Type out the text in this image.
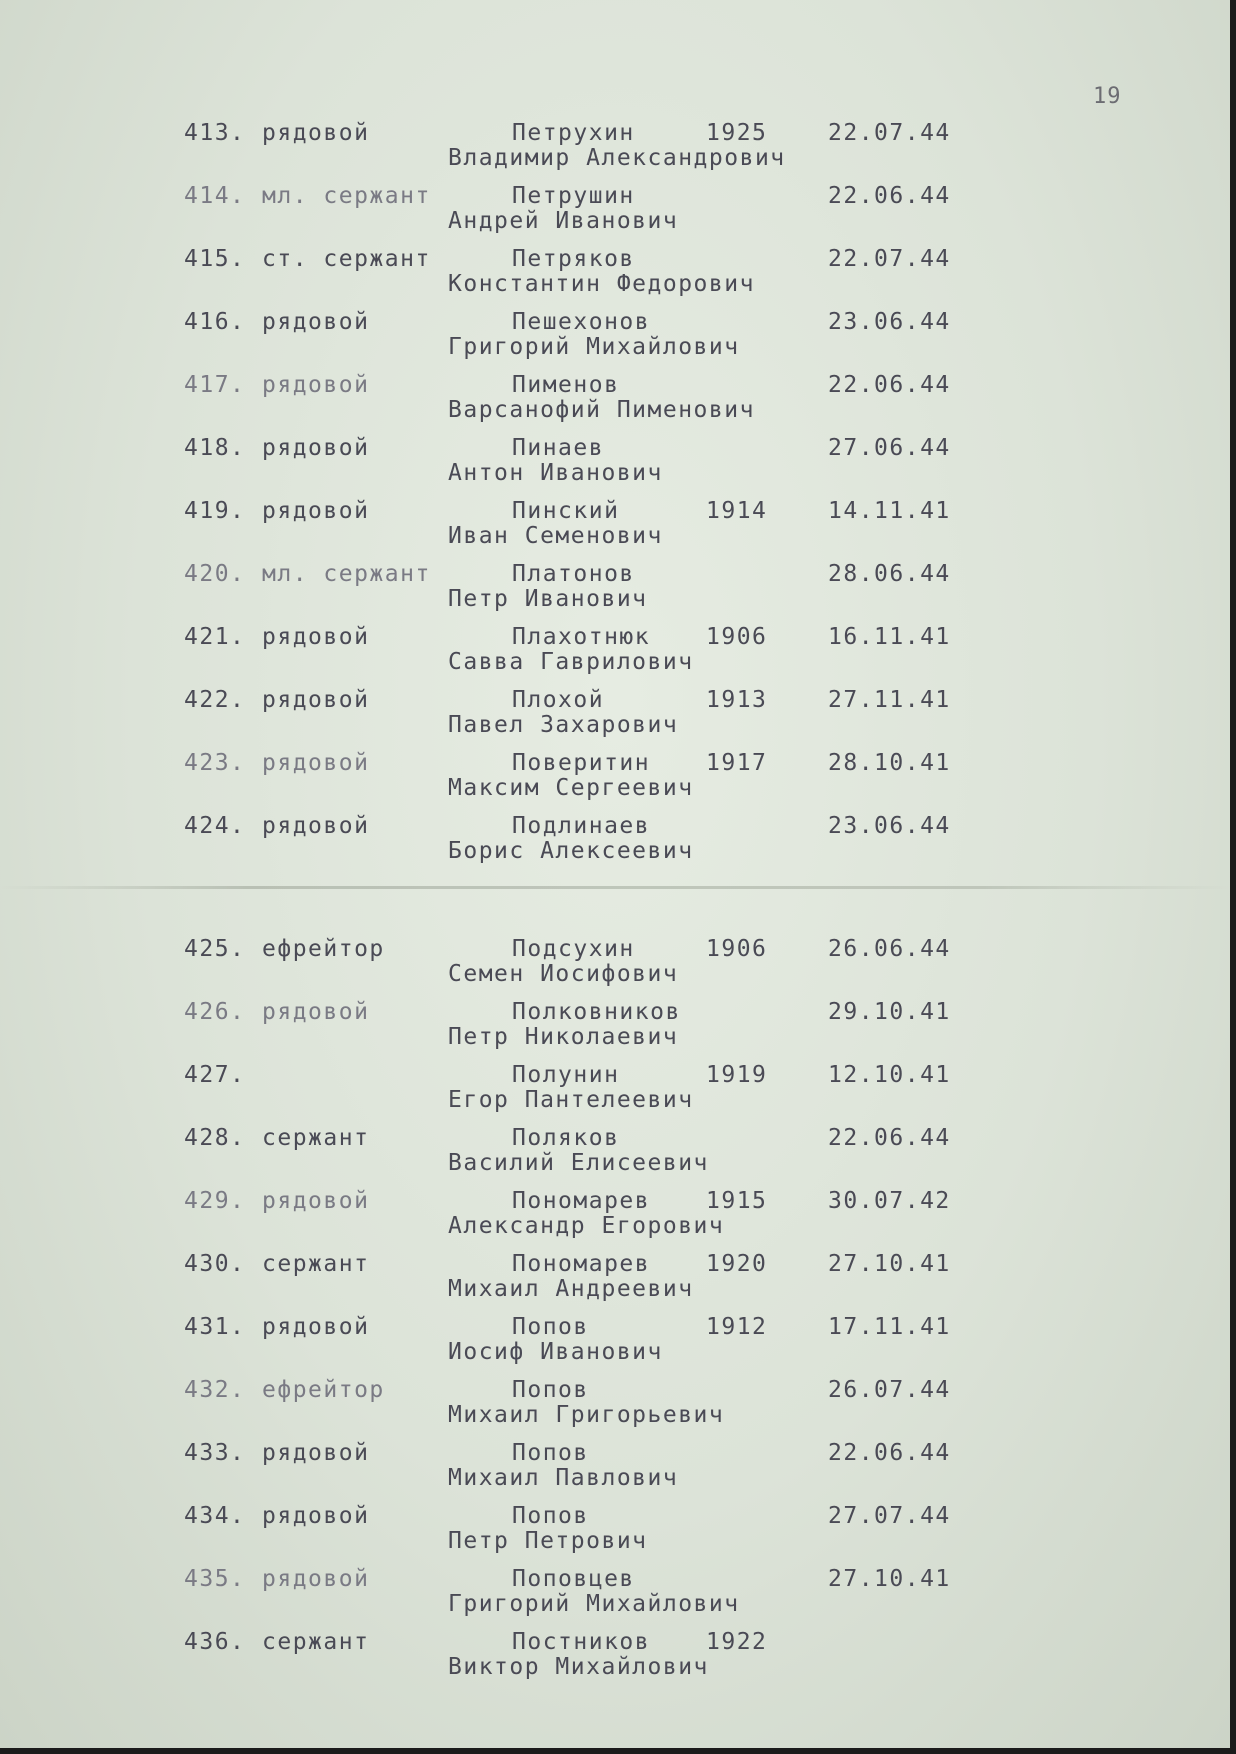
19
413. рядовой	Петрухин	1925	22.07.44
Владимир Александрович
414. мл. сержант	Петрушин	22.06.44
Андрей Иванович
415. ст. сержант	Петряков	22.07.44
Константин Федорович
416. рядовой	Пешехонов	23.06.44
Григорий Михайлович
417. рядовой	Пименов	22.06.44
Варсанофий Пименович
418. рядовой	Пинаев	27.06.44
Антон Иванович
419. рядовой	Пинский	1914	14.11.41
Иван Семенович
420. мл. сержант	Платонов	28.06.44
Петр Иванович
421. рядовой	Плахотнюк 1906	16.11.41
Савва Гаврилович
422. рядовой	Плохой	1913	27.11.41
Павел Захарович
423. рядовой	Поверитин 1917	28.10.41
Максим Сергеевич
424. рядовой	Подлинаев	23.06.44
Борис Алексеевич
425. ефрейтор	Подсухин	1906	26.06.44
Семен Иосифович
426. рядовой	Полковников	29.10.41
Петр Николаевич
427.	Полунин	1919	12.10.41
Егор Пантелеевич
428. сержант	Поляков	22.06.44
Василий Елисеевич
429. рядовой	Пономарев 1915	30.07.42
Александр Егорович
430. сержант	Пономарев 1920	27.10.41
Михаил Андреевич
431. рядовой	Попов	1912	17.11.41
Иосиф Иванович
432. ефрейтор	Попов	26.07.44
Михаил Григорьевич
433. рядовой	Попов	22.06.44
Михаил Павлович
434. рядовой	Попов	27.07.44
Петр Петрович
435. рядовой	Поповцев	27.10.41
Григорий Михайлович
436. сержант	Постников 1922
Виктор Михайлович
